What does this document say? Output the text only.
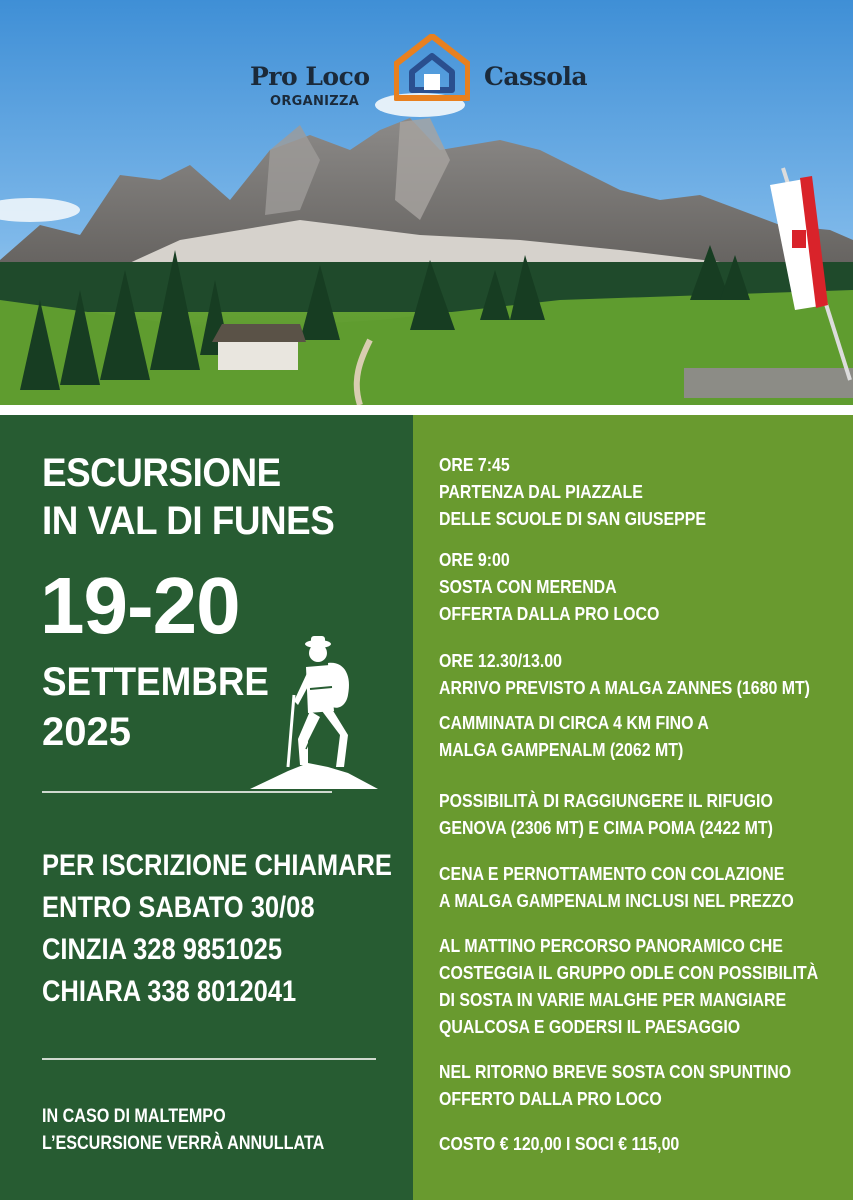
Pro Loco	Cassola
ORGANIZZA
ESCURSIONE
IN VAL DI FUNES
19-20
SETTEMBRE
2025
PER ISCRIZIONE CHIAMARE
ENTRO SABATO 30/08
CINZIA 328 9851025
CHIARA 338 8012041
IN CASO DI MALTEMPO
L’ESCURSIONE VERRÀ ANNULLATA
ORE 7:45
PARTENZA DAL PIAZZALE
DELLE SCUOLE DI SAN GIUSEPPE
ORE 9:00
SOSTA CON MERENDA
OFFERTA DALLA PRO LOCO
ORE 12.30/13.00
ARRIVO PREVISTO A MALGA ZANNES (1680 MT)
CAMMINATA DI CIRCA 4 KM FINO A
MALGA GAMPENALM (2062 MT)
POSSIBILITÀ DI RAGGIUNGERE IL RIFUGIO
GENOVA (2306 MT) E CIMA POMA (2422 MT)
CENA E PERNOTTAMENTO CON COLAZIONE
A MALGA GAMPENALM INCLUSI NEL PREZZO
AL MATTINO PERCORSO PANORAMICO CHE
COSTEGGIA IL GRUPPO ODLE CON POSSIBILITÀ
DI SOSTA IN VARIE MALGHE PER MANGIARE
QUALCOSA E GODERSI IL PAESAGGIO
NEL RITORNO BREVE SOSTA CON SPUNTINO
OFFERTO DALLA PRO LOCO
COSTO € 120,00 I SOCI € 115,00
